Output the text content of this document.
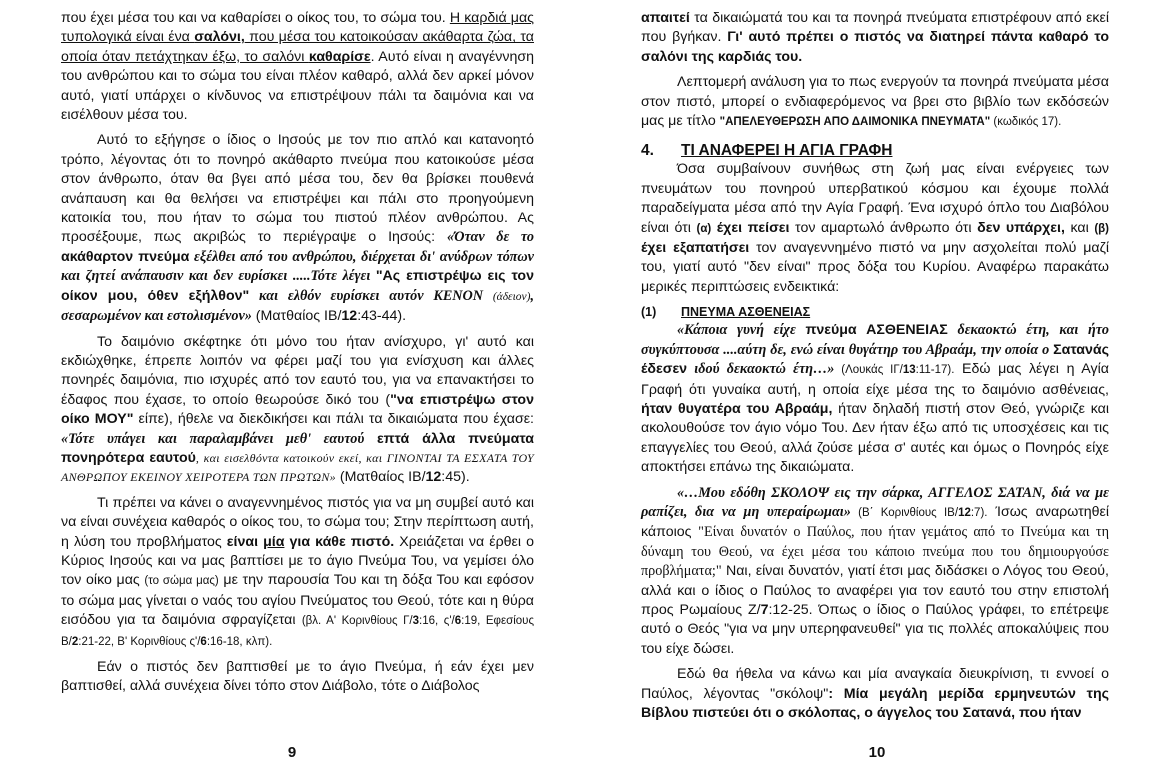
που έχει μέσα του και να καθαρίσει ο οίκος του, το σώμα του. Η καρδιά μας τυπολογικά είναι ένα σαλόνι, που μέσα του κατοικούσαν ακάθαρτα ζώα, τα οποία όταν πετάχτηκαν έξω, το σαλόνι καθαρίσε. Αυτό είναι η αναγέννηση του ανθρώπου και το σώμα του είναι πλέον καθαρό, αλλά δεν αρκεί μόνον αυτό, γιατί υπάρχει ο κίνδυνος να επιστρέψουν πάλι τα δαιμόνια και να εισέλθουν μέσα του.

Αυτό το εξήγησε ο ίδιος ο Ιησούς με τον πιο απλό και κατανοητό τρόπο, λέγοντας ότι το πονηρό ακάθαρτο πνεύμα που κατοικούσε μέσα στον άνθρωπο, όταν θα βγει από μέσα του, δεν θα βρίσκει πουθενά ανάπαυση και θα θελήσει να επιστρέψει και πάλι στο προηγούμενη κατοικία του, που ήταν το σώμα του πιστού πλέον ανθρώπου. Ας προσέξουμε, πως ακριβώς το περιέγραψε ο Ιησούς: «Όταν δε το ακάθαρτον πνεύμα εξέλθει από του ανθρώπου, διέρχεται δι' ανύδρων τόπων και ζητεί ανάπαυσιν και δεν ευρίσκει .....Τότε λέγει "Ας επιστρέψω εις τον οίκον μου, όθεν εξήλθον" και ελθόν ευρίσκει αυτόν ΚΕΝΟΝ (άδειον), σεσαρωμένον και εστολισμένον» (Ματθαίος ΙΒ/12:43-44).

Το δαιμόνιο σκέφτηκε ότι μόνο του ήταν ανίσχυρο, γι' αυτό και εκδιώχθηκε, έπρεπε λοιπόν να φέρει μαζί του για ενίσχυση και άλλες πονηρές δαιμόνια, πιο ισχυρές από τον εαυτό του, για να επανακτήσει το έδαφος που έχασε, το οποίο θεωρούσε δικό του ("να επιστρέψω στον οίκο ΜΟΥ" είπε), ήθελε να διεκδικήσει και πάλι τα δικαιώματα που έχασε: «Τότε υπάγει και παραλαμβάνει μεθ' εαυτού επτά άλλα πνεύματα πονηρότερα εαυτού, και εισελθόντα κατοικούν εκεί, και ΓΙΝΟΝΤΑΙ ΤΑ ΕΣΧΑΤΑ ΤΟΥ ΑΝΘΡΩΠΟΥ ΕΚΕΙΝΟΥ ΧΕΙΡΟΤΕΡΑ ΤΩΝ ΠΡΩΤΩΝ» (Ματθαίος ΙΒ/12:45).

Τι πρέπει να κάνει ο αναγεννημένος πιστός για να μη συμβεί αυτό και να είναι συνέχεια καθαρός ο οίκος του, το σώμα του; Στην περίπτωση αυτή, η λύση του προβλήματος είναι μία για κάθε πιστό. Χρειάζεται να έρθει ο Κύριος Ιησούς και να μας βαπτίσει με το άγιο Πνεύμα Του, να γεμίσει όλο τον οίκο μας (το σώμα μας) με την παρουσία Του και τη δόξα Του και εφόσον το σώμα μας γίνεται ο ναός του αγίου Πνεύματος του Θεού, τότε και η θύρα εισόδου για τα δαιμόνια σφραγίζεται (βλ. Α' Κορινθίους Γ/3:16, ς'/6:19, Εφεσίους Β/2:21-22, Β' Κορινθίους ς'/6:16-18, κλπ).

Εάν ο πιστός δεν βαπτισθεί με το άγιο Πνεύμα, ή εάν έχει μεν βαπτισθεί, αλλά συνέχεια δίνει τόπο στον Διάβολο, τότε ο Διάβολος

9

απαιτεί τα δικαιώματά του και τα πονηρά πνεύματα επιστρέφουν από εκεί που βγήκαν. Γι' αυτό πρέπει ο πιστός να διατηρεί πάντα καθαρό το σαλόνι της καρδιάς του.

Λεπτομερή ανάλυση για το πως ενεργούν τα πονηρά πνεύματα μέσα στον πιστό, μπορεί ο ενδιαφερόμενος να βρει στο βιβλίο των εκδόσεών μας με τίτλο "ΑΠΕΛΕΥΘΕΡΩΣΗ ΑΠΟ ΔΑΙΜΟΝΙΚΑ ΠΝΕΥΜΑΤΑ" (κωδικός 17).

4.	ΤΙ ΑΝΑΦΕΡΕΙ Η ΑΓΙΑ ΓΡΑΦΗ

Όσα συμβαίνουν συνήθως στη ζωή μας είναι ενέργειες των πνευμάτων του πονηρού υπερβατικού κόσμου και έχουμε πολλά παραδείγματα μέσα από την Αγία Γραφή. Ένα ισχυρό όπλο του Διαβόλου είναι ότι (α) έχει πείσει τον αμαρτωλό άνθρωπο ότι δεν υπάρχει, και (β) έχει εξαπατήσει τον αναγεννημένο πιστό να μην ασχολείται πολύ μαζί του, γιατί αυτό "δεν είναι" προς δόξα του Κυρίου. Αναφέρω παρακάτω μερικές περιπτώσεις ενδεικτικά:

(1)	ΠΝΕΥΜΑ ΑΣΘΕΝΕΙΑΣ

«Κάποια γυνή είχε πνεύμα ΑΣΘΕΝΕΙΑΣ δεκαοκτώ έτη, και ήτο συγκύπτουσα ....αύτη δε, ενώ είναι θυγάτηρ του Αβραάμ, την οποία ο Σατανάς έδεσεν ιδού δεκαοκτώ έτη…» (Λουκάς ΙΓ/13:11-17). Εδώ μας λέγει η Αγία Γραφή ότι γυναίκα αυτή, η οποία είχε μέσα της το δαιμόνιο ασθένειας, ήταν θυγατέρα του Αβραάμ, ήταν δηλαδή πιστή στον Θεό, γνώριζε και ακολουθούσε τον άγιο νόμο Του. Δεν ήταν έξω από τις υποσχέσεις και τις επαγγελίες του Θεού, αλλά ζούσε μέσα σ' αυτές και όμως ο Πονηρός είχε αποκτήσει επάνω της δικαιώματα.

«…Μου εδόθη ΣΚΟΛΟΨ εις την σάρκα, ΑΓΓΕΛΟΣ ΣΑΤΑΝ, διά να με ραπίζει, δια να μη υπεραίρωμαι» (Β΄ Κορινθίους ΙΒ/12:7). Ίσως αναρωτηθεί κάποιος "Είναι δυνατόν ο Παύλος, που ήταν γεμάτος από το Πνεύμα και τη δύναμη του Θεού, να έχει μέσα του κάποιο πνεύμα που του δημιουργούσε προβλήματα;" Ναι, είναι δυνατόν, γιατί έτσι μας διδάσκει ο Λόγος του Θεού, αλλά και ο ίδιος ο Παύλος το αναφέρει για τον εαυτό του στην επιστολή προς Ρωμαίους Ζ/7:12-25. Όπως ο ίδιος ο Παύλος γράφει, το επέτρεψε αυτό ο Θεός "για να μην υπερηφανευθεί" για τις πολλές αποκαλύψεις που του είχε δώσει.

Εδώ θα ήθελα να κάνω και μία αναγκαία διευκρίνιση, τι εννοεί ο Παύλος, λέγοντας "σκόλοψ": Μία μεγάλη μερίδα ερμηνευτών της Βίβλου πιστεύει ότι ο σκόλοπας, ο άγγελος του Σατανά, που ήταν

10
